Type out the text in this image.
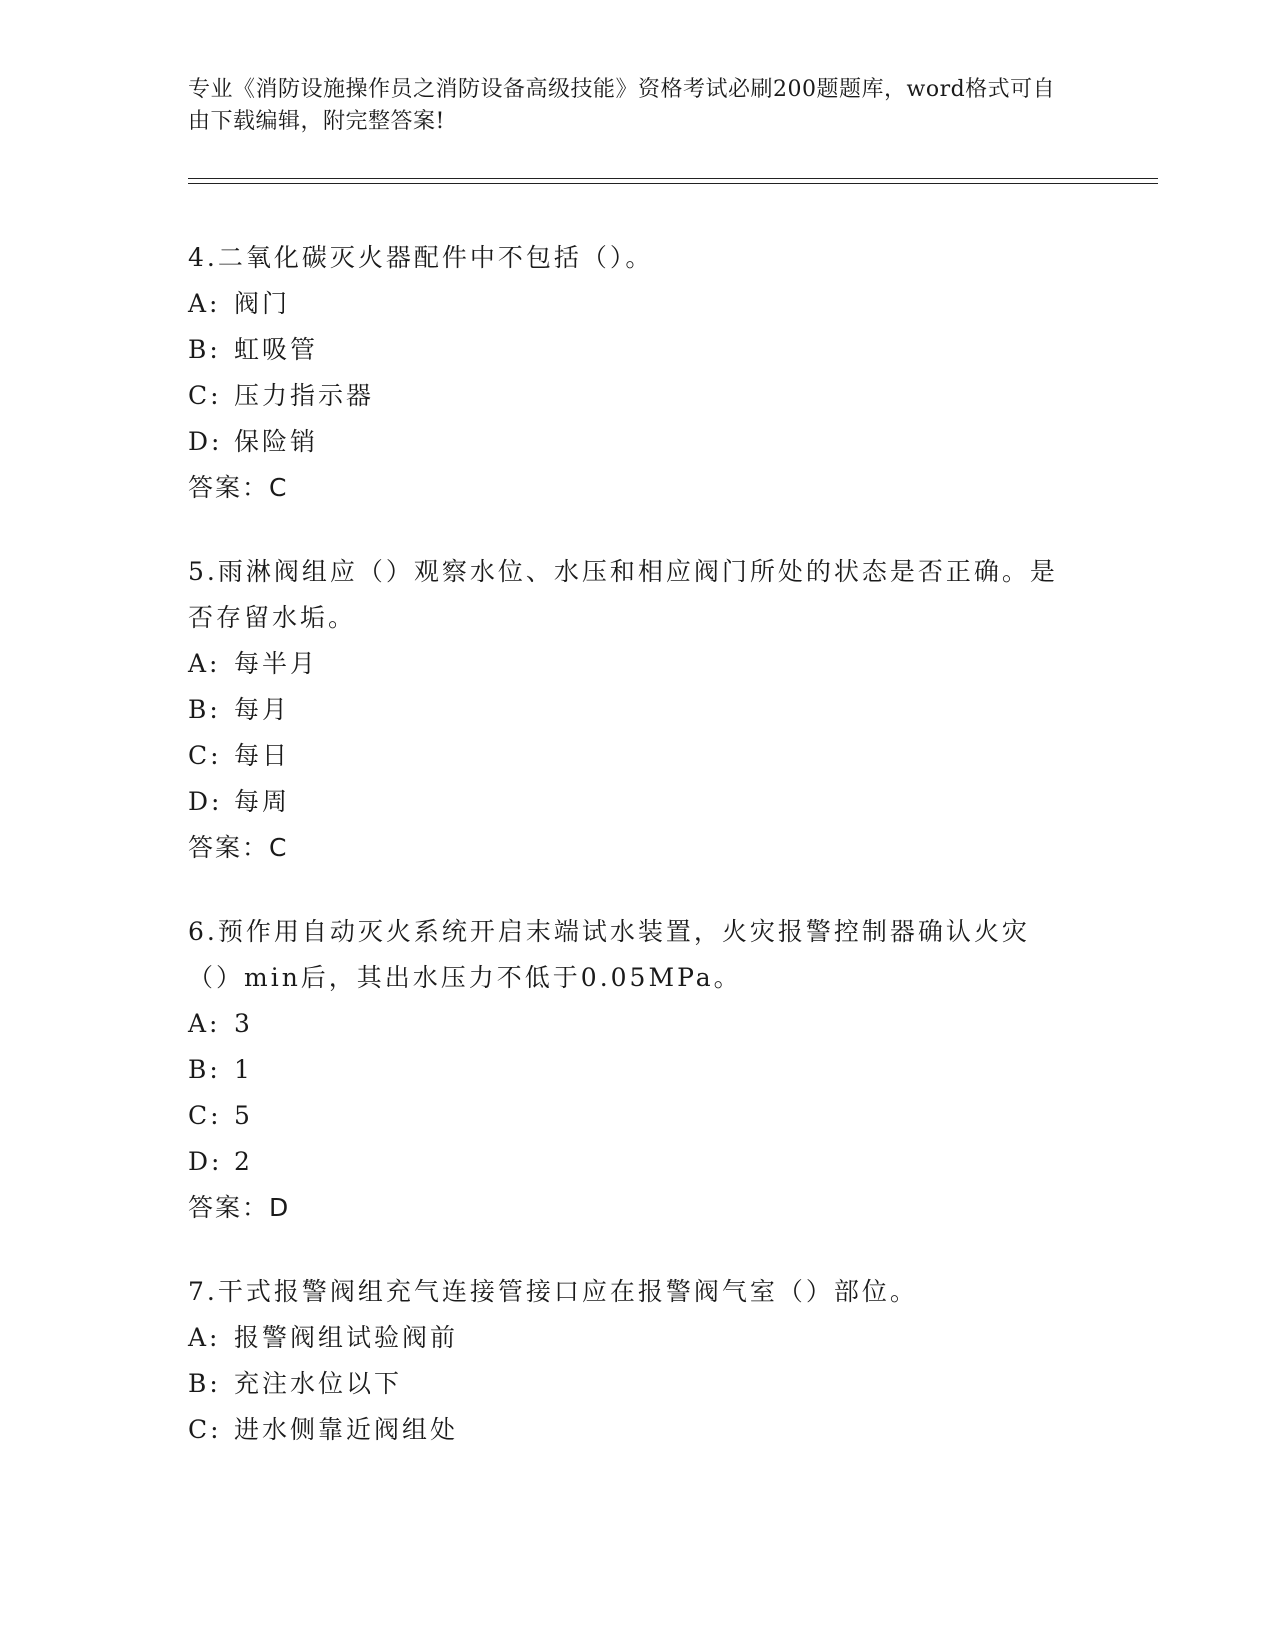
专业《消防设施操作员之消防设备高级技能》资格考试必刷200题题库，word格式可自由下载编辑，附完整答案!

4.二氧化碳灭火器配件中不包括（）。

A: 阀门
B: 虹吸管
C: 压力指示器
D: 保险销
答案：C

5.雨淋阀组应（）观察水位、水压和相应阀门所处的状态是否正确。是否存留水垢。

A: 每半月
B: 每月
C: 每日
D: 每周
答案：C

6.预作用自动灭火系统开启末端试水装置，火灾报警控制器确认火灾（）min后，其出水压力不低于0.05MPa。

A: 3
B: 1
C: 5
D: 2
答案：D

7.干式报警阀组充气连接管接口应在报警阀气室（）部位。

A: 报警阀组试验阀前
B: 充注水位以下
C: 进水侧靠近阀组处
